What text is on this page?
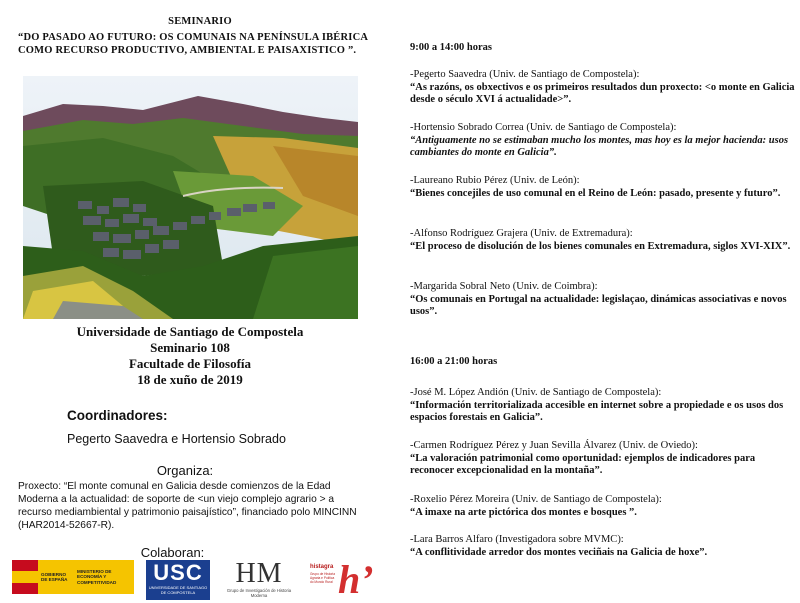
SEMINARIO
“DO PASADO AO FUTURO: OS COMUNAIS NA PENÍNSULA IBÉRICA COMO RECURSO PRODUCTIVO, AMBIENTAL E PAISAXISTICO ”.
Universidade de Santiago de Compostela
Seminario 108
Facultade de Filosofía
18 de xuño de 2019
Coordinadores:
Pegerto Saavedra e Hortensio Sobrado
Organiza:
Proxecto: “El monte comunal en Galicia desde comienzos de la Edad Moderna a la actualidad: de soporte de <un viejo complejo agrario > a recurso mediambiental y patrimonio paisajístico”, financiado polo MINCINN (HAR2014-52667-R).
Colaboran:
GOBIERNO DE ESPAÑA
MINISTERIO DE ECONOMÍA Y COMPETITIVIDAD	USC
UNIVERSIDADE DE SANTIAGO DE COMPOSTELA
HM
Grupo de Investigación de Historia Moderna
histagra
Grupo de Historia Agraria e Política do Mundo Rural h’
9:00 a 14:00 horas
-Pegerto Saavedra (Univ. de Santiago de Compostela):
“As razóns, os obxectivos e os primeiros resultados dun proxecto: <o monte en Galicia desde o século XVI á actualidade>”.
-Hortensio Sobrado Correa (Univ. de Santiago de Compostela):
“Antiguamente no se estimaban mucho los montes, mas hoy es la mejor hacienda: usos cambiantes do monte en Galicia”.
-Laureano Rubio Pérez (Univ. de León):
“Bienes concejiles de uso comunal en el Reino de León: pasado, presente y futuro”.
-Alfonso Rodríguez Grajera (Univ. de Extremadura):
“El proceso de disolución de los bienes comunales en Extremadura, siglos XVI-XIX”.
-Margarida Sobral Neto (Univ. de Coimbra):
“Os comunais en Portugal na actualidade: legislaçao, dinámicas associativas e novos usos”.
16:00 a 21:00 horas
-José M. López Andión (Univ. de Santiago de Compostela):
“Información territorializada accesible en internet sobre a propiedade e os usos dos espacios forestais en Galicia”.
-Carmen Rodríguez Pérez y Juan Sevilla Álvarez (Univ. de Oviedo):
“La valoración patrimonial como oportunidad: ejemplos de indicadores para reconocer excepcionalidad en la montaña”.
-Roxelio Pérez Moreira (Univ. de Santiago de Compostela):
“A imaxe na arte pictórica dos montes e bosques ”.
-Lara Barros Alfaro (Investigadora sobre MVMC):
“A conflitividade arredor dos montes veciñais na Galicia de hoxe”.
